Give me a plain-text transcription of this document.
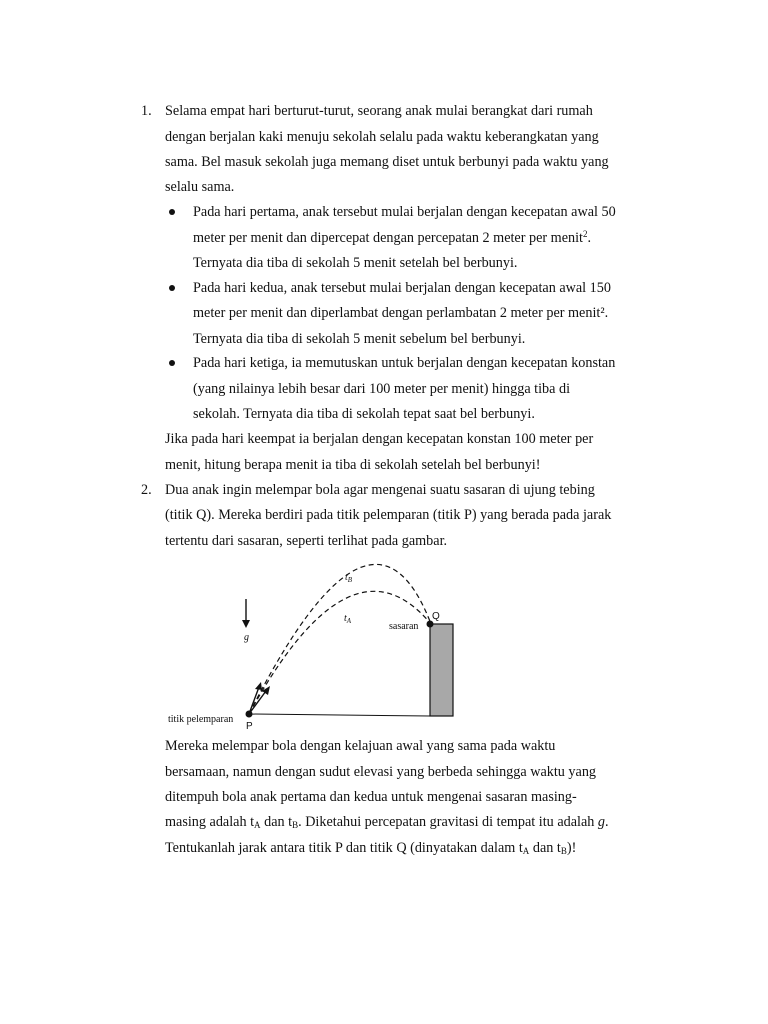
1. Selama empat hari berturut-turut, seorang anak mulai berangkat dari rumah
dengan berjalan kaki menuju sekolah selalu pada waktu keberangkatan yang
sama. Bel masuk sekolah juga memang diset untuk berbunyi pada waktu yang
selalu sama.
Pada hari pertama, anak tersebut mulai berjalan dengan kecepatan awal 50
meter per menit dan dipercepat dengan percepatan 2 meter per menit$^2$.
Ternyata dia tiba di sekolah 5 menit setelah bel berbunyi.
Pada hari kedua, anak tersebut mulai berjalan dengan kecepatan awal 150
meter per menit dan diperlambat dengan perlambatan 2 meter per menit².
Ternyata dia tiba di sekolah 5 menit sebelum bel berbunyi.
Pada hari ketiga, ia memutuskan untuk berjalan dengan kecepatan konstan
(yang nilainya lebih besar dari 100 meter per menit) hingga tiba di
sekolah. Ternyata dia tiba di sekolah tepat saat bel berbunyi.
Jika pada hari keempat ia berjalan dengan kecepatan konstan 100 meter per
menit, hitung berapa menit ia tiba di sekolah setelah bel berbunyi!
2. Dua anak ingin melempar bola agar mengenai suatu sasaran di ujung tebing
(titik Q). Mereka berdiri pada titik pelemparan (titik P) yang berada pada jarak
tertentu dari sasaran, seperti terlihat pada gambar.
g
$t_B$
$t_A$	Q
sasaran
titik pelemparan
P
Mereka melempar bola dengan kelajuan awal yang sama pada waktu
bersamaan, namun dengan sudut elevasi yang berbeda sehingga waktu yang
ditempuh bola anak pertama dan kedua untuk mengenai sasaran masing-
masing adalah $t_A$ dan $t_B$. Diketahui percepatan gravitasi di tempat itu adalah g.
Tentukanlah jarak antara titik P dan titik Q (dinyatakan dalam $t_A$ dan $t_B$)!
